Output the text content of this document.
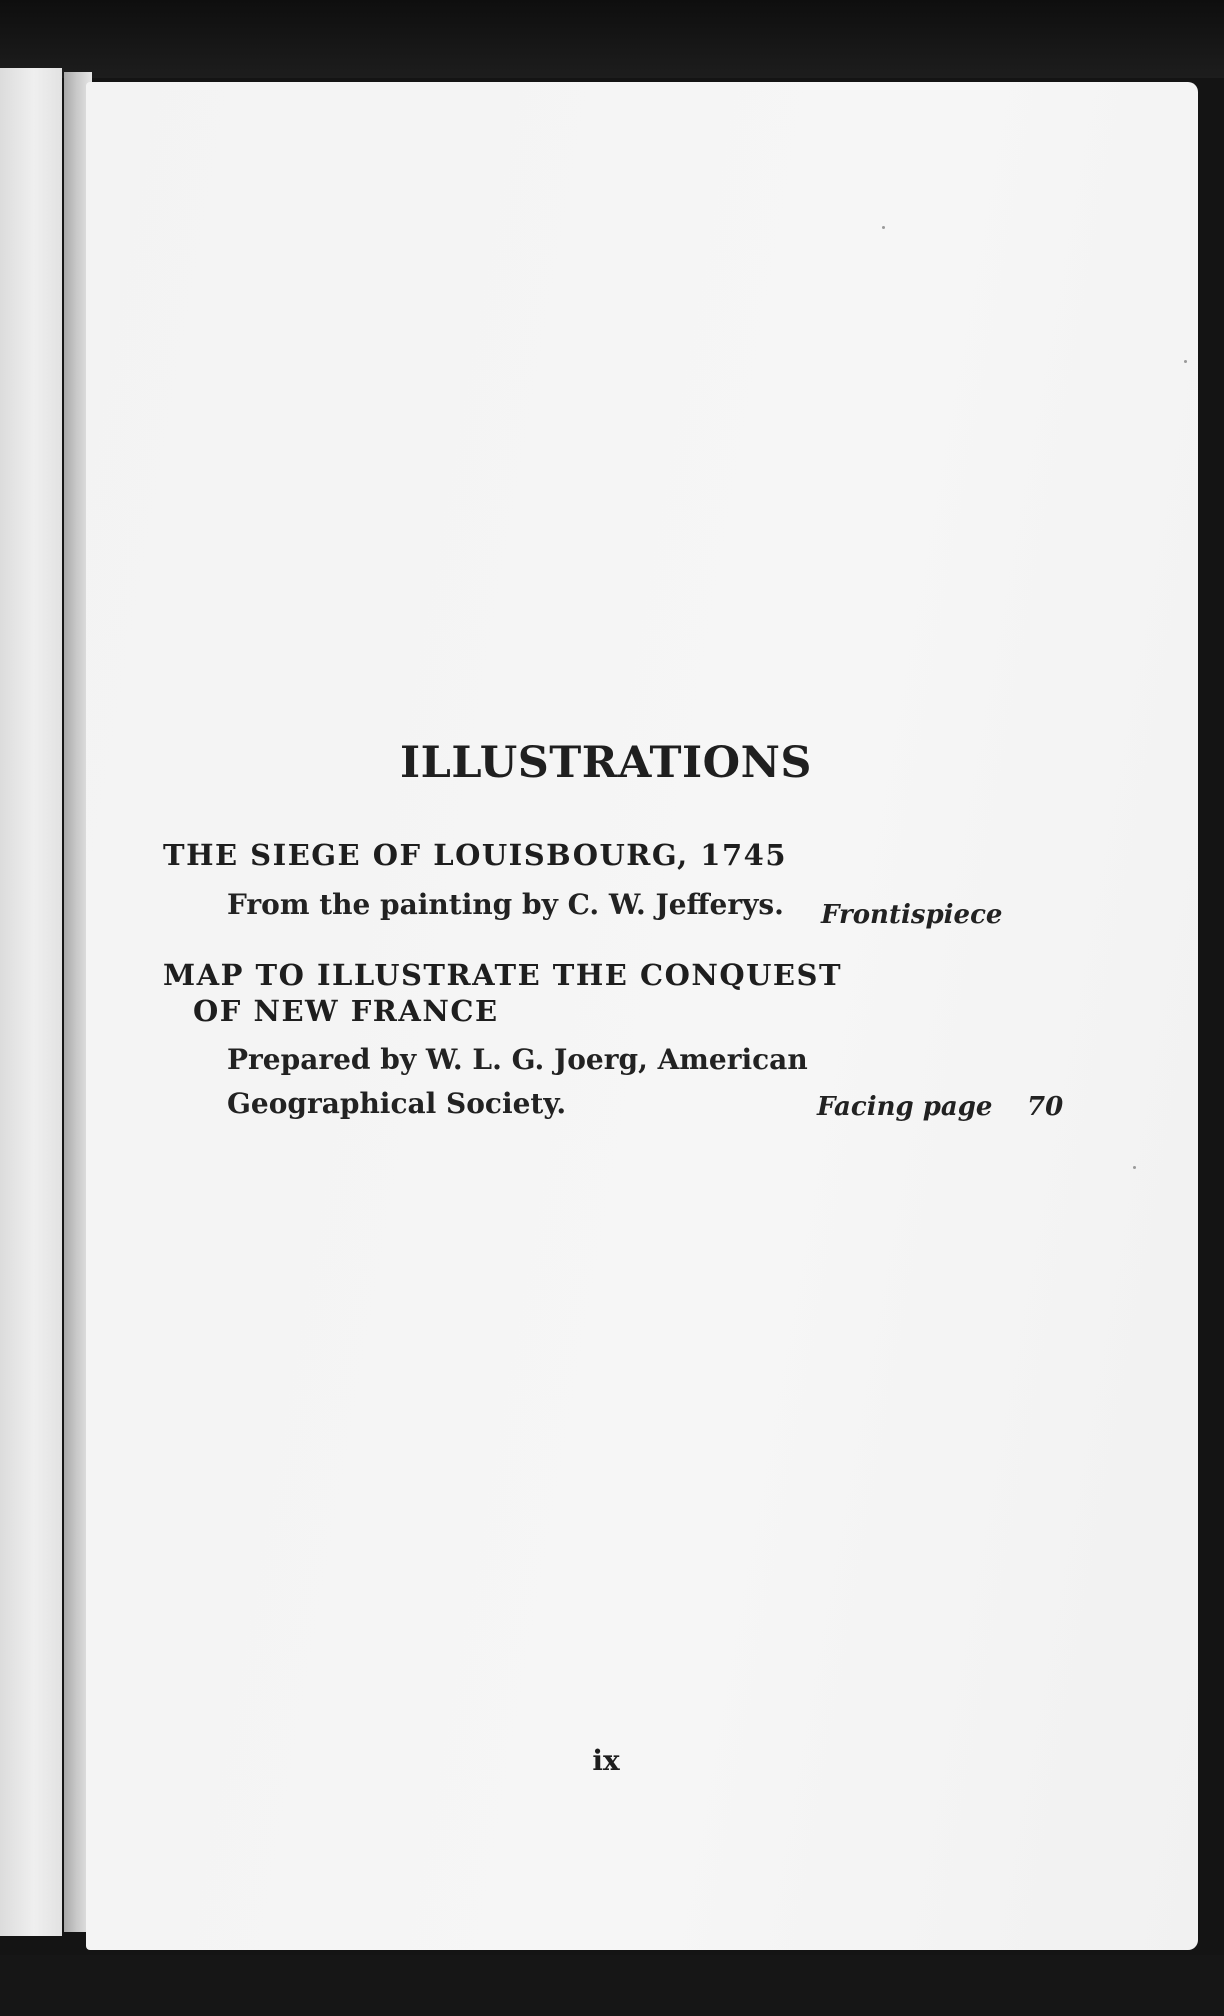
ILLUSTRATIONS

THE SIEGE OF LOUISBOURG, 1745

From the painting by C. W. Jefferys. Frontispiece

MAP TO ILLUSTRATE THE CONQUEST

OF NEW FRANCE

Prepared by W. L. G. Joerg, American

Geographical Society.	Facing page 70

ix
